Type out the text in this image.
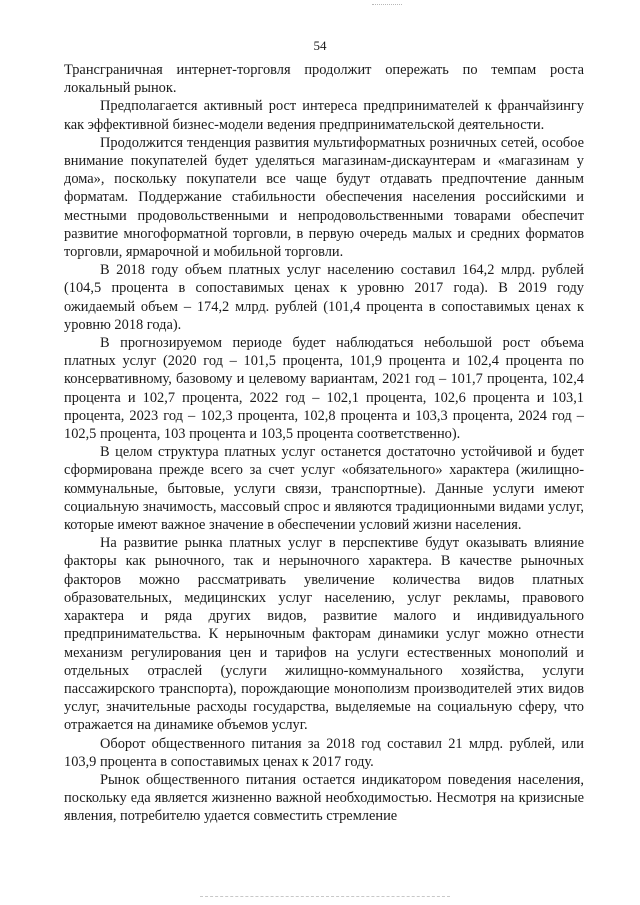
54

Трансграничная интернет-торговля продолжит опережать по темпам роста локальный рынок.

Предполагается активный рост интереса предпринимателей к франчайзингу как эффективной бизнес-модели ведения предпринимательской деятельности.

Продолжится тенденция развития мультиформатных розничных сетей, особое внимание покупателей будет уделяться магазинам-дискаунтерам и «магазинам у дома», поскольку покупатели все чаще будут отдавать предпочтение данным форматам. Поддержание стабильности обеспечения населения российскими и местными продовольственными и непродовольственными товарами обеспечит развитие многоформатной торговли, в первую очередь малых и средних форматов торговли, ярмарочной и мобильной торговли.

В 2018 году объем платных услуг населению составил 164,2 млрд. рублей (104,5 процента в сопоставимых ценах к уровню 2017 года). В 2019 году ожидаемый объем – 174,2 млрд. рублей (101,4 процента в сопоставимых ценах к уровню 2018 года).

В прогнозируемом периоде будет наблюдаться небольшой рост объема платных услуг (2020 год – 101,5 процента, 101,9 процента и 102,4 процента по консервативному, базовому и целевому вариантам, 2021 год – 101,7 процента, 102,4 процента и 102,7 процента, 2022 год – 102,1 процента, 102,6 процента и 103,1 процента, 2023 год – 102,3 процента, 102,8 процента и 103,3 процента, 2024 год – 102,5 процента, 103 процента и 103,5 процента соответственно).

В целом структура платных услуг останется достаточно устойчивой и будет сформирована прежде всего за счет услуг «обязательного» характера (жилищно-коммунальные, бытовые, услуги связи, транспортные). Данные услуги имеют социальную значимость, массовый спрос и являются традиционными видами услуг, которые имеют важное значение в обеспечении условий жизни населения.

На развитие рынка платных услуг в перспективе будут оказывать влияние факторы как рыночного, так и нерыночного характера. В качестве рыночных факторов можно рассматривать увеличение количества видов платных образовательных, медицинских услуг населению, услуг рекламы, правового характера и ряда других видов, развитие малого и индивидуального предпринимательства. К нерыночным факторам динамики услуг можно отнести механизм регулирования цен и тарифов на услуги естественных монополий и отдельных отраслей (услуги жилищно-коммунального хозяйства, услуги пассажирского транспорта), порождающие монополизм производителей этих видов услуг, значительные расходы государства, выделяемые на социальную сферу, что отражается на динамике объемов услуг.

Оборот общественного питания за 2018 год составил 21 млрд. рублей, или 103,9 процента в сопоставимых ценах к 2017 году.

Рынок общественного питания остается индикатором поведения населения, поскольку еда является жизненно важной необходимостью. Несмотря на кризисные явления, потребителю удается совместить стремление
